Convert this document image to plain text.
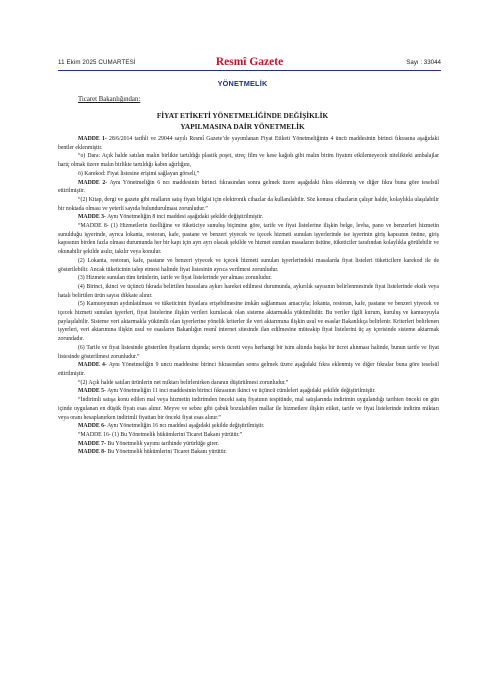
11 Ekim 2025 CUMARTESİ	Resmî Gazete	Sayı : 33044
YÖNETMELİK
Ticaret Bakanlığından:
FİYAT ETİKETİ YÖNETMELİĞİNDE DEĞİŞİKLİK
YAPILMASINA DAİR YÖNETMELİK

MADDE 1- 28/6/2014 tarihli ve 29044 sayılı Resmî Gazete’de yayımlanan Fiyat Etiketi Yönetmeliğinin 4 üncü maddesinin birinci fıkrasına aşağıdaki bentler eklenmiştir.

“o) Dara: Açık halde satılan malın birlikte tartıldığı plastik poşet, streç film ve kese kağıdı gibi malın birim fiyatını etkilemeyecek nitelikteki ambalajlar hariç olmak üzere malın birlikte tartıldığı kabın ağırlığını,

ö) Karekod: Fiyat listesine erişimi sağlayan görseli,”

MADDE 2- Aynı Yönetmeliğin 6 ncı maddesinin birinci fıkrasından sonra gelmek üzere aşağıdaki fıkra eklenmiş ve diğer fıkra buna göre teselsül ettirilmiştir.

“(2) Kitap, dergi ve gazete gibi malların satış fiyatı bilgisi için elektronik cihazlar da kullanılabilir. Söz konusu cihazların çalışır halde, kolaylıkla ulaşılabilir bir noktada olması ve yeterli sayıda bulundurulması zorunludur.”

MADDE 3- Aynı Yönetmeliğin 8 inci maddesi aşağıdaki şekilde değiştirilmiştir.

“MADDE 8- (1) Hizmetlerin özelliğine ve tüketiciye sunuluş biçimine göre, tarife ve fiyat listelerine ilişkin belge, levha, pano ve benzerleri hizmetin sunulduğu işyerinde, ayrıca lokanta, restoran, kafe, pastane ve benzeri yiyecek ve içecek hizmeti sunulan işyerlerinde ise işyerinin giriş kapısının önüne, giriş kapısının birden fazla olması durumunda her bir kapı için ayrı ayrı olacak şekilde ve hizmet sunulan masaların üstüne, tüketiciler tarafından kolaylıkla görülebilir ve okunabilir şekilde asılır, takılır veya konulur.

(2) Lokanta, restoran, kafe, pastane ve benzeri yiyecek ve içecek hizmeti sunulan işyerlerindeki masalarda fiyat listeleri tüketicilere karekod ile de gösterilebilir. Ancak tüketicinin talep etmesi halinde fiyat listesinin ayrıca verilmesi zorunludur.

(3) Hizmete sunulan tüm ürünlerin, tarife ve fiyat listelerinde yer alması zorunludur.

(4) Birinci, ikinci ve üçüncü fıkrada belirtilen hususlara aykırı hareket edilmesi durumunda, aykırılık sayısının belirlenmesinde fiyat listelerinde eksik veya hatalı belirtilen ürün sayısı dikkate alınır.

(5) Kamuoyunun aydınlatılması ve tüketicinin fiyatlara erişebilmesine imkân sağlanması amacıyla; lokanta, restoran, kafe, pastane ve benzeri yiyecek ve içecek hizmeti sunulan işyerleri, fiyat listelerine ilişkin verileri kurulacak olan sisteme aktarmakla yükümlüdür. Bu veriler ilgili kurum, kuruluş ve kamuoyuyla paylaşılabilir. Sisteme veri aktarmakla yükümlü olan işyerlerine yönelik kriterler ile veri aktarımına ilişkin usul ve esaslar Bakanlıkça belirlenir. Kriterleri belirlenen işyerleri, veri aktarımına ilişkin usul ve esasların Bakanlığın resmî internet sitesinde ilan edilmesine müteakip fiyat listelerini üç ay içerisinde sisteme aktarmak zorundadır.

(6) Tarife ve fiyat listesinde gösterilen fiyatların dışında; servis ücreti veya herhangi bir isim altında başka bir ücret alınması halinde, bunun tarife ve fiyat listesinde gösterilmesi zorunludur.”

MADDE 4- Aynı Yönetmeliğin 9 uncu maddesine birinci fıkrasından sonra gelmek üzere aşağıdaki fıkra eklenmiş ve diğer fıkralar buna göre teselsül ettirilmiştir.

“(2) Açık halde satılan ürünlerin net miktarı belirlenirken daranın düşürülmesi zorunludur.”

MADDE 5- Aynı Yönetmeliğin 11 inci maddesinin birinci fıkrasının ikinci ve üçüncü cümleleri aşağıdaki şekilde değiştirilmiştir.

“İndirimli satışa konu edilen mal veya hizmetin indirimden önceki satış fiyatının tespitinde, mal satışlarında indirimin uygulandığı tarihten önceki on gün içinde uygulanan en düşük fiyatı esas alınır. Meyve ve sebze gibi çabuk bozulabilen mallar ile hizmetlere ilişkin etiket, tarife ve fiyat listelerinde indirim miktarı veya oranı hesaplanırken indirimli fiyattan bir önceki fiyat esas alınır.”

MADDE 6- Aynı Yönetmeliğin 16 ncı maddesi aşağıdaki şekilde değiştirilmiştir.

“MADDE 16- (1) Bu Yönetmelik hükümlerini Ticaret Bakanı yürütür.”

MADDE 7- Bu Yönetmelik yayımı tarihinde yürürlüğe girer.

MADDE 8- Bu Yönetmelik hükümlerini Ticaret Bakanı yürütür.
